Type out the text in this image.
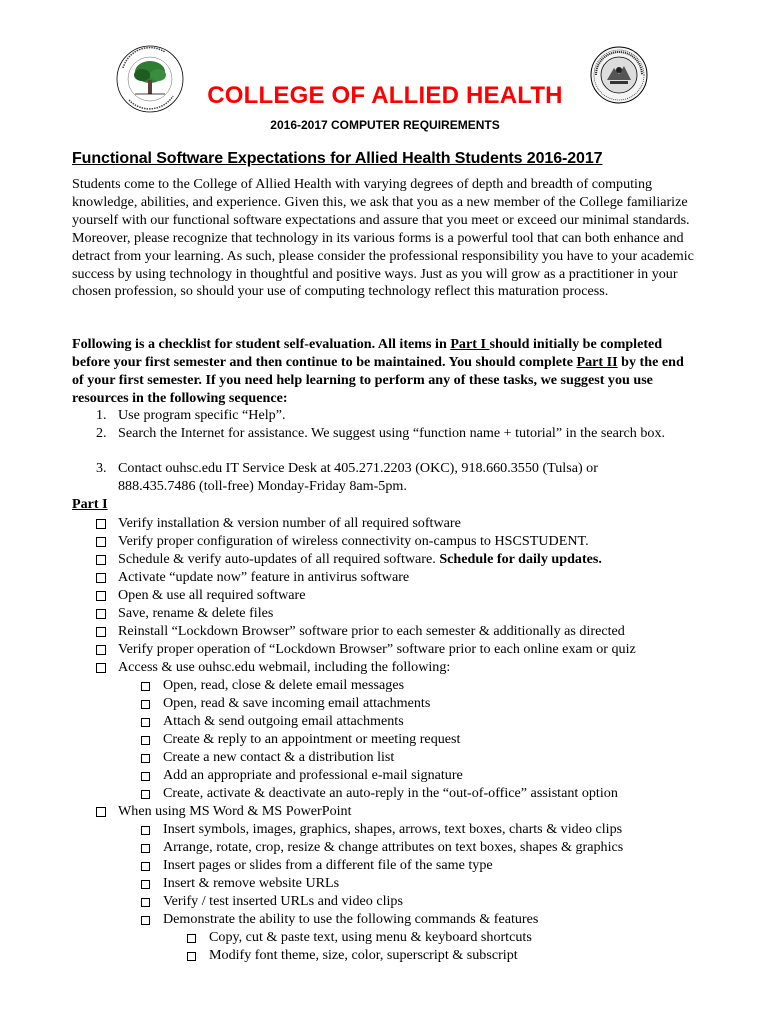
COLLEGE OF ALLIED HEALTH
2016-2017 COMPUTER REQUIREMENTS
Functional Software Expectations for Allied Health Students 2016-2017
Students come to the College of Allied Health with varying degrees of depth and breadth of computing knowledge, abilities, and experience. Given this, we ask that you as a new member of the College familiarize yourself with our functional software expectations and assure that you meet or exceed our minimal standards. Moreover, please recognize that technology in its various forms is a powerful tool that can both enhance and detract from your learning. As such, please consider the professional responsibility you have to your academic success by using technology in thoughtful and positive ways. Just as you will grow as a practitioner in your chosen profession, so should your use of computing technology reflect this maturation process.
Following is a checklist for student self-evaluation. All items in Part I should initially be completed before your first semester and then continue to be maintained. You should complete Part II by the end of your first semester. If you need help learning to perform any of these tasks, we suggest you use resources in the following sequence:
1. Use program specific “Help”.
2. Search the Internet for assistance. We suggest using “function name + tutorial” in the search box.
3. Contact ouhsc.edu IT Service Desk at 405.271.2203 (OKC), 918.660.3550 (Tulsa) or 888.435.7486 (toll-free) Monday-Friday 8am-5pm.
Part I
Verify installation & version number of all required software
Verify proper configuration of wireless connectivity on-campus to HSCSTUDENT.
Schedule & verify auto-updates of all required software. Schedule for daily updates.
Activate “update now” feature in antivirus software
Open & use all required software
Save, rename & delete files
Reinstall “Lockdown Browser” software prior to each semester & additionally as directed
Verify proper operation of “Lockdown Browser” software prior to each online exam or quiz
Access & use ouhsc.edu webmail, including the following:
Open, read, close & delete email messages
Open, read & save incoming email attachments
Attach & send outgoing email attachments
Create & reply to an appointment or meeting request
Create a new contact & a distribution list
Add an appropriate and professional e-mail signature
Create, activate & deactivate an auto-reply in the “out-of-office” assistant option
When using MS Word & MS PowerPoint
Insert symbols, images, graphics, shapes, arrows, text boxes, charts & video clips
Arrange, rotate, crop, resize & change attributes on text boxes, shapes & graphics
Insert pages or slides from a different file of the same type
Insert & remove website URLs
Verify / test inserted URLs and video clips
Demonstrate the ability to use the following commands & features
Copy, cut & paste text, using menu & keyboard shortcuts
Modify font theme, size, color, superscript & subscript
